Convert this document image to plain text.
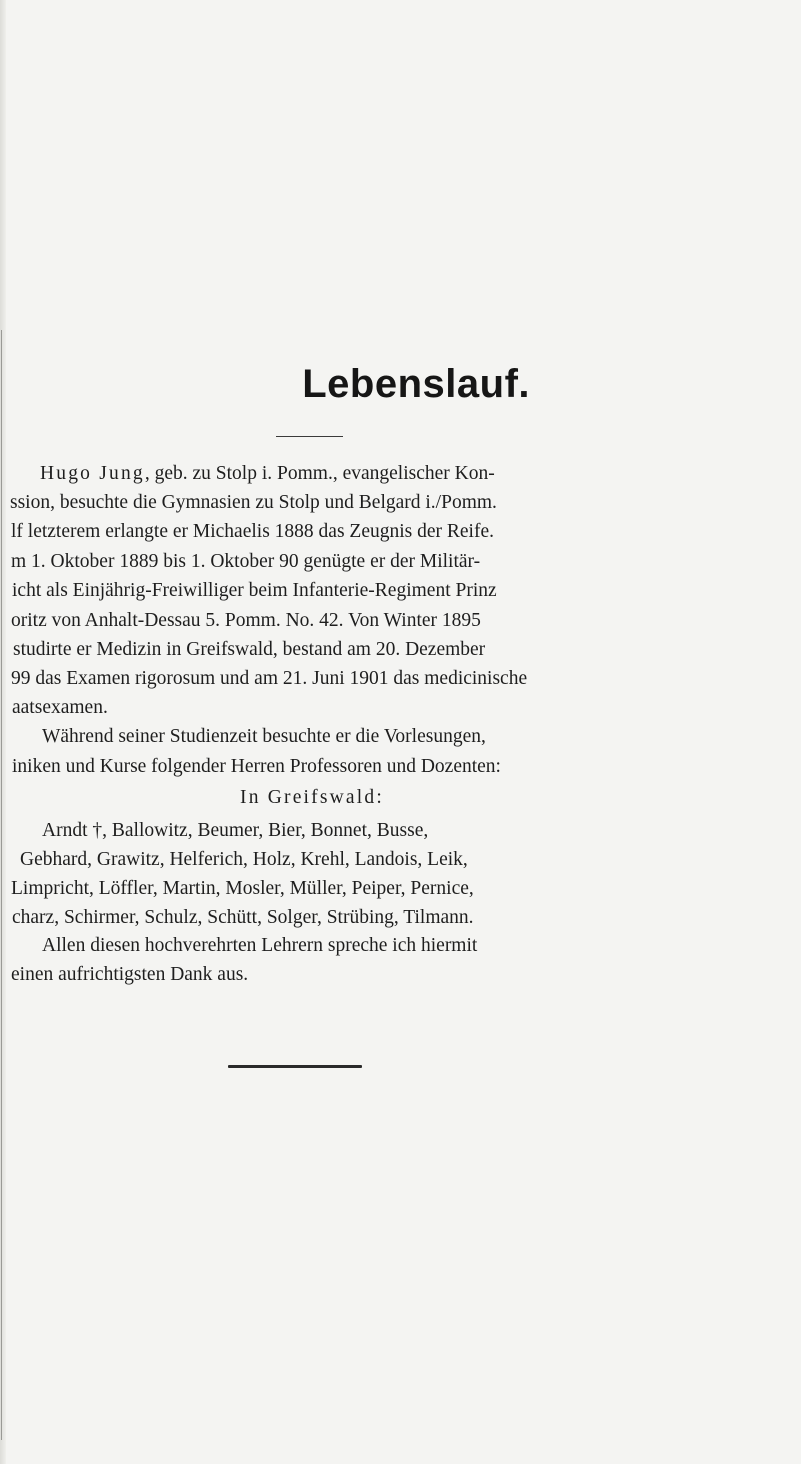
Lebenslauf.
Hugo Jung, geb. zu Stolp i. Pomm., evangelischer Kon-
ssion, besuchte die Gymnasien zu Stolp und Belgard i./Pomm.
lf letzterem erlangte er Michaelis 1888 das Zeugnis der Reife.
m 1. Oktober 1889 bis 1. Oktober 90 genügte er der Militär-
icht als Einjährig-Freiwilliger beim Infanterie-Regiment Prinz
oritz von Anhalt-Dessau 5. Pomm. No. 42. Von Winter 1895
studirte er Medizin in Greifswald, bestand am 20. Dezember
99 das Examen rigorosum und am 21. Juni 1901 das medicinische
aatsexamen.
Während seiner Studienzeit besuchte er die Vorlesungen,
iniken und Kurse folgender Herren Professoren und Dozenten:
In Greifswald:
Arndt †, Ballowitz, Beumer, Bier, Bonnet, Busse,
Gebhard, Grawitz, Helferich, Holz, Krehl, Landois, Leik,
Limpricht, Löffler, Martin, Mosler, Müller, Peiper, Pernice,
charz, Schirmer, Schulz, Schütt, Solger, Strübing, Tilmann.
Allen diesen hochverehrten Lehrern spreche ich hiermit
einen aufrichtigsten Dank aus.
